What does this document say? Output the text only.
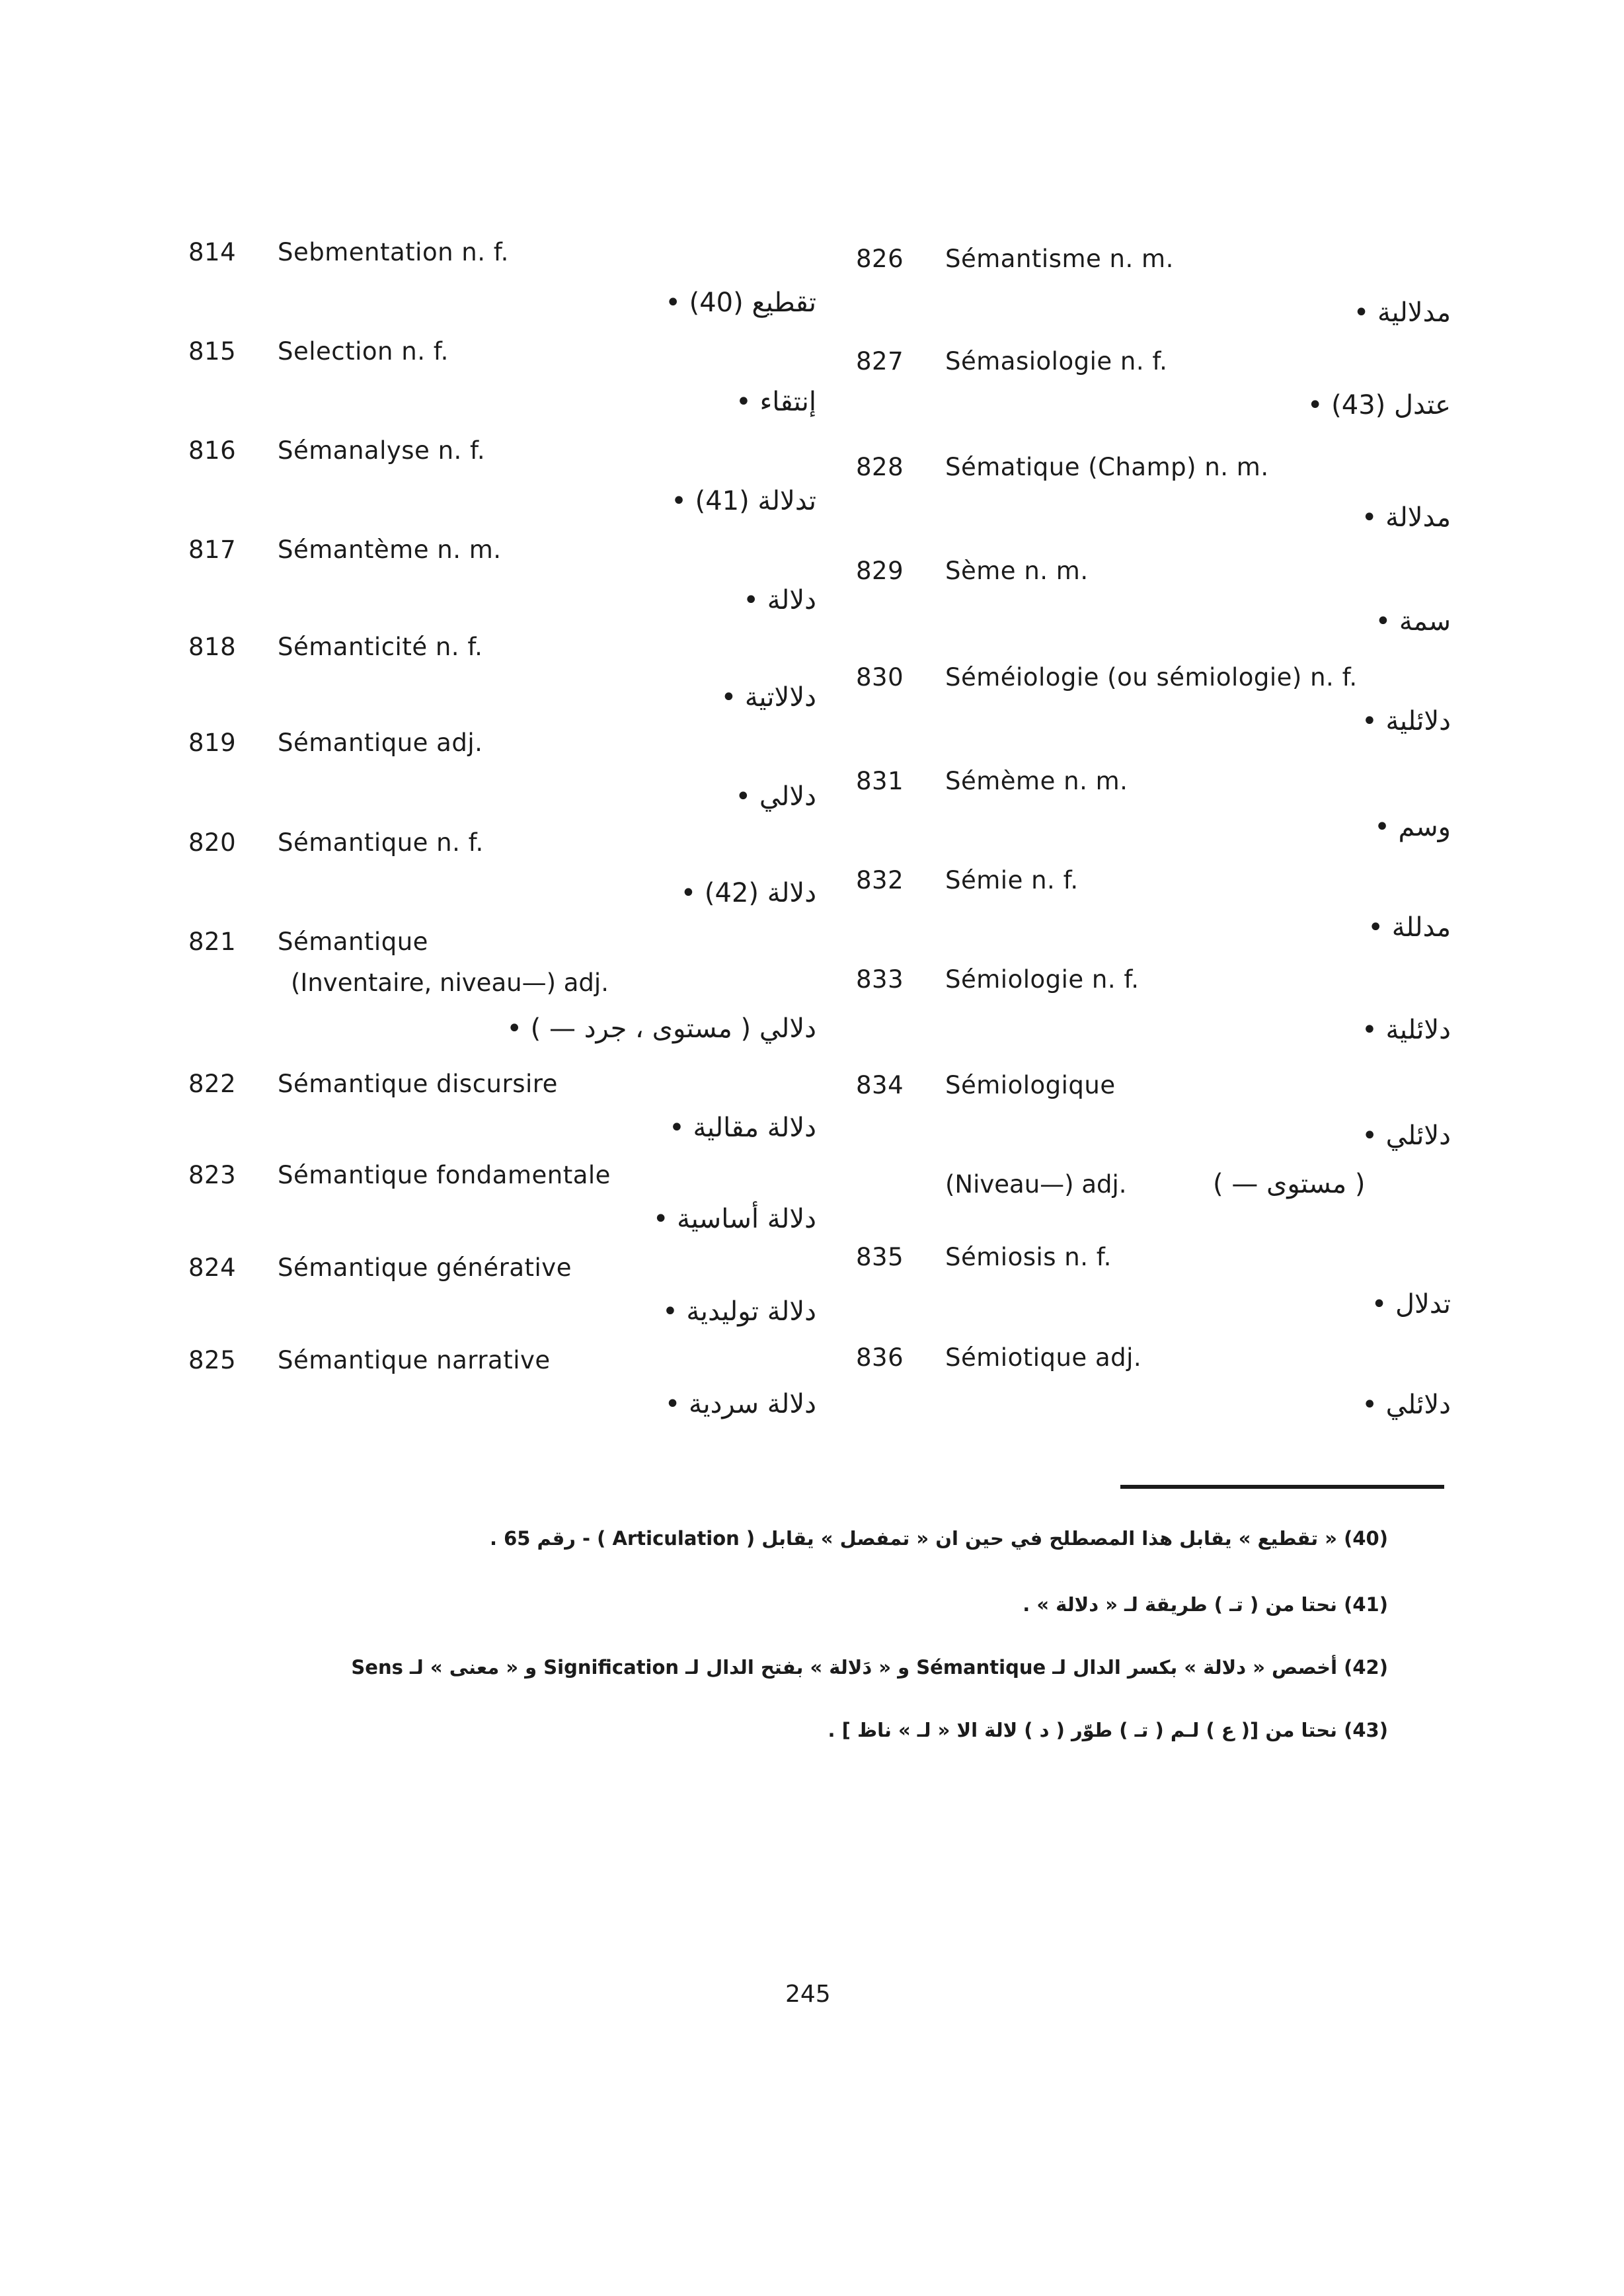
814 Sebmentation n. f.
تقطيع (40) •
815 Selection n. f.
إنتقاء •
816 Sémanalyse n. f.
تدلالة (41) •
817 Sémantème n. m.
دلالة •
818 Sémanticité n. f.
دلالاتية •
819 Sémantique adj.
دلالي •
820 Sémantique n. f.
دلالة (42) •
821 Sémantique
(Inventaire, niveau—) adj.
دلالي ( مستوى ، جرد — ) •
822 Sémantique discursire
دلالة مقالية •
823 Sémantique fondamentale
دلالة أساسية •
824 Sémantique générative
دلالة توليدية •
825 Sémantique narrative
دلالة سردية •
826 Sémantisme n. m.
مدلالية •
827 Sémasiologie n. f.
عتدل (43) •
828 Sématique (Champ) n. m.
مدلالة •
829 Sème n. m.
سمة •
830 Séméiologie (ou sémiologie) n. f.
دلائلية •
831 Sémème n. m.
وسم •
832 Sémie n. f.
مدللة •
833 Sémiologie n. f.
دلائلية •
834 Sémiologique
دلائلي •
(Niveau—) adj.	( مستوى — )
835 Sémiosis n. f.
تدلال •
836 Sémiotique adj.
دلائلي •
(40) « تقطيع » يقابل هذا المصطلح في حين ان « تمفصل » يقابل ( Articulation ) - رقم 65 .
(41) نحتا من ( تـ ) طريقة لـ « دلالة » .
(42) أخصص « دلالة » بكسر الدال لـ Sémantique و « دَلالة » بفتح الدال لـ Signification و « معنى » لـ Sens
(43) نحتا من [( ع ) لـم ( تـ ) طوّر ( د ) لالة الا « لـ » ناظ ] .
245
